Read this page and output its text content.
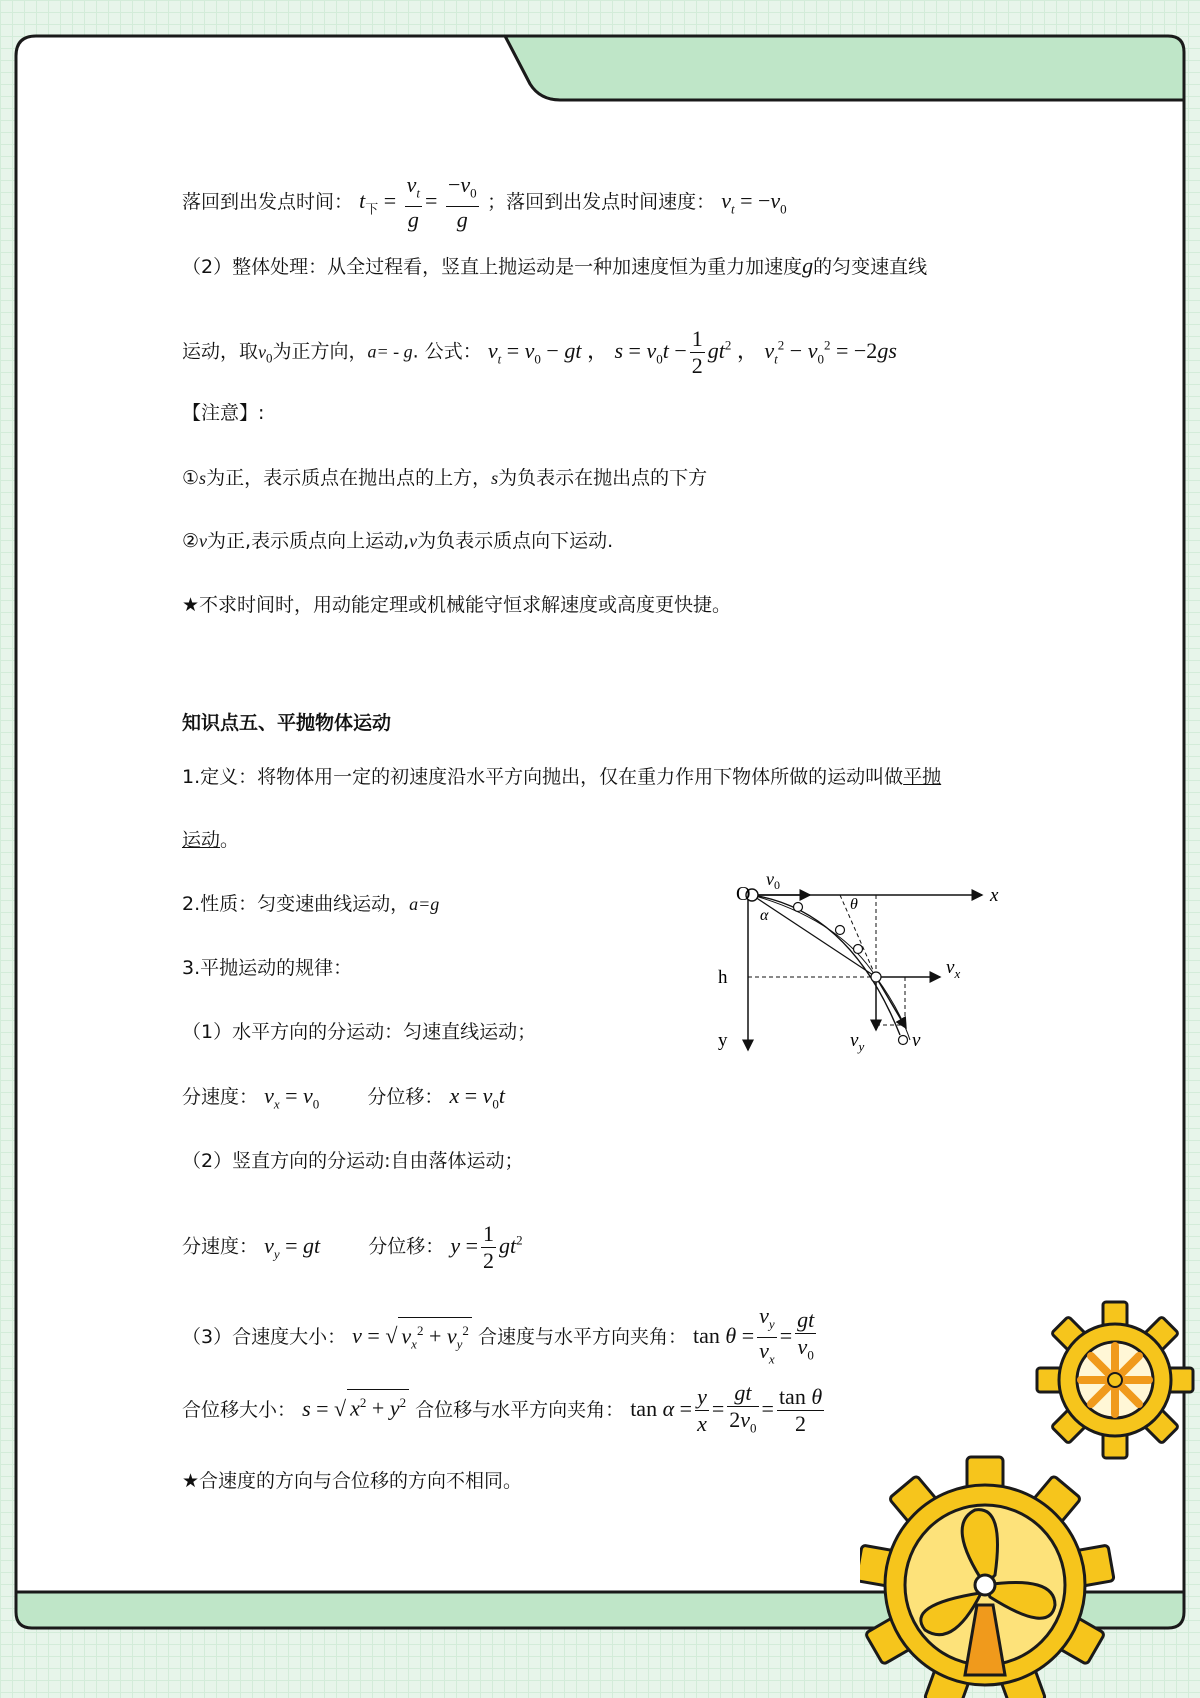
落回到出发点时间： $t_下 = \frac{v_t}{g} = \frac{-v_0}{g}$ ；落回到出发点时间速度： $v_t = -v_0$
（2）整体处理：从全过程看，竖直上抛运动是一种加速度恒为重力加速度g的匀变速直线
运动，取$v_0$为正方向，a= - g. 公式： $v_t = v_0$ − gt ， $s = v_0t - \frac{1}{2} gt^2$ ， $v_t^2 - v_0^2 = -2gs$
【注意】:
①s为正，表示质点在抛出点的上方，s为负表示在抛出点的下方
②v为正,表示质点向上运动,v为负表示质点向下运动.
★不求时间时，用动能定理或机械能守恒求解速度或高度更快捷。
知识点五、平抛物体运动
1.定义：将物体用一定的初速度沿水平方向抛出，仅在重力作用下物体所做的运动叫做平抛
运动。
2.性质：匀变速曲线运动，a=g
3.平抛运动的规律：
（1）水平方向的分运动：匀速直线运动；
分速度： $v_x = v_0$	分位移： $x = v_0t$
（2）竖直方向的分运动:自由落体运动；
分速度： $v_y$ = gt	分位移： $y = \frac{1}{2} gt^2$
（3）合速度大小： v = √ $v_x^2 + v_y^2$ 合速度与水平方向夹角： $\tan \theta = \frac{v_y}{v_x} = \frac{gt}{v_0}$
合位移大小： s = √ $x^2 + y^2$ 合位移与水平方向夹角： $\tan \alpha = \frac{y}{x} = \frac{gt}{2v_0} = \frac{\text{tan θ}}{2}$
★合速度的方向与合位移的方向不相同。
O
$v_0$	x
θ
α
h	$v_x$
y	$v_y$	v
